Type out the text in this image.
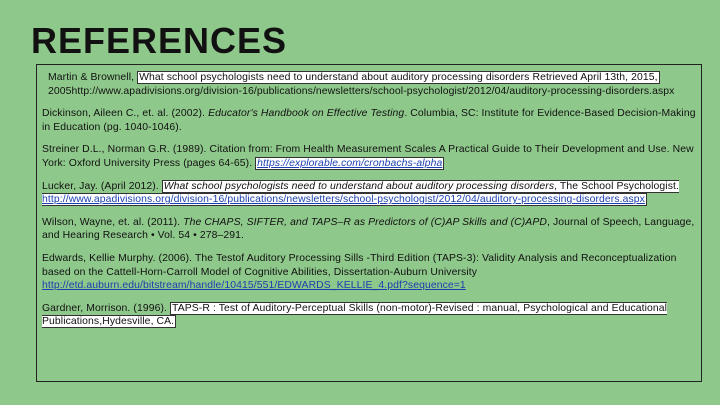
REFERENCES

Martin & Brownell, What school psychologists need to understand about auditory processing disorders Retrieved April 13th, 2015,
2005http://www.apadivisions.org/division-16/publications/newsletters/school-psychologist/2012/04/auditory-processing-disorders.aspx

Dickinson, Aileen C., et. al. (2002). Educator's Handbook on Effective Testing. Columbia, SC: Institute for Evidence-Based Decision-Making in Education (pg. 1040-1046).

Streiner D.L., Norman G.R. (1989). Citation from: From Health Measurement Scales A Practical Guide to Their Development and Use. New York: Oxford University Press (pages 64-65). https://explorable.com/cronbachs-alpha

Lucker, Jay. (April 2012). What school psychologists need to understand about auditory processing disorders, The School Psychologist. http://www.apadivisions.org/division-16/publications/newsletters/school-psychologist/2012/04/auditory-processing-disorders.aspx

Wilson, Wayne, et. al. (2011). The CHAPS, SIFTER, and TAPS–R as Predictors of (C)AP Skills and (C)APD, Journal of Speech, Language, and Hearing Research • Vol. 54 • 278–291.

Edwards, Kellie Murphy. (2006). The Testof Auditory Processing Sills -Third Edition (TAPS-3): Validity Analysis and Reconceptualization based on the Cattell-Horn-Carroll Model of Cognitive Abilities, Dissertation-Auburn University http://etd.auburn.edu/bitstream/handle/10415/551/EDWARDS_KELLIE_4.pdf?sequence=1

Gardner, Morrison. (1996). TAPS-R : Test of Auditory-Perceptual Skills (non-motor)-Revised : manual, Psychological and Educational Publications,Hydesville, CA.
